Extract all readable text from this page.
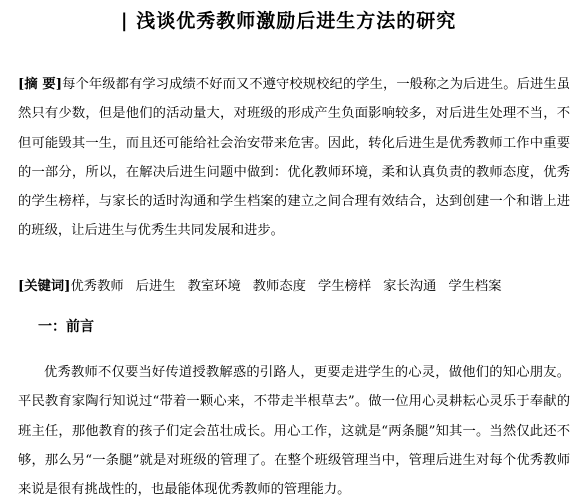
| 浅谈优秀教师激励后进生方法的研究
[摘 要]每个年级都有学习成绩不好而又不遵守校规校纪的学生，一般称之为后进生。后进生虽然只有少数，但是他们的活动量大，对班级的形成产生负面影响较多，对后进生处理不当，不但可能毁其一生，而且还可能给社会治安带来危害。因此，转化后进生是优秀教师工作中重要的一部分，所以，在解决后进生问题中做到：优化教师环境，柔和认真负责的教师态度，优秀的学生榜样，与家长的适时沟通和学生档案的建立之间合理有效结合，达到创建一个和谐上进的班级，让后进生与优秀生共同发展和进步。
[关键词]优秀教师 后进生 教室环境 教师态度 学生榜样 家长沟通 学生档案
一：前言
优秀教师不仅要当好传道授教解惑的引路人，更要走进学生的心灵，做他们的知心朋友。平民教育家陶行知说过“带着一颗心来，不带走半根草去”。做一位用心灵耕耘心灵乐于奉献的班主任，那他教育的孩子们定会茁壮成长。用心工作，这就是“两条腿”知其一。当然仅此还不够，那么另“一条腿”就是对班级的管理了。在整个班级管理当中，管理后进生对每个优秀教师来说是很有挑战性的，也最能体现优秀教师的管理能力。
